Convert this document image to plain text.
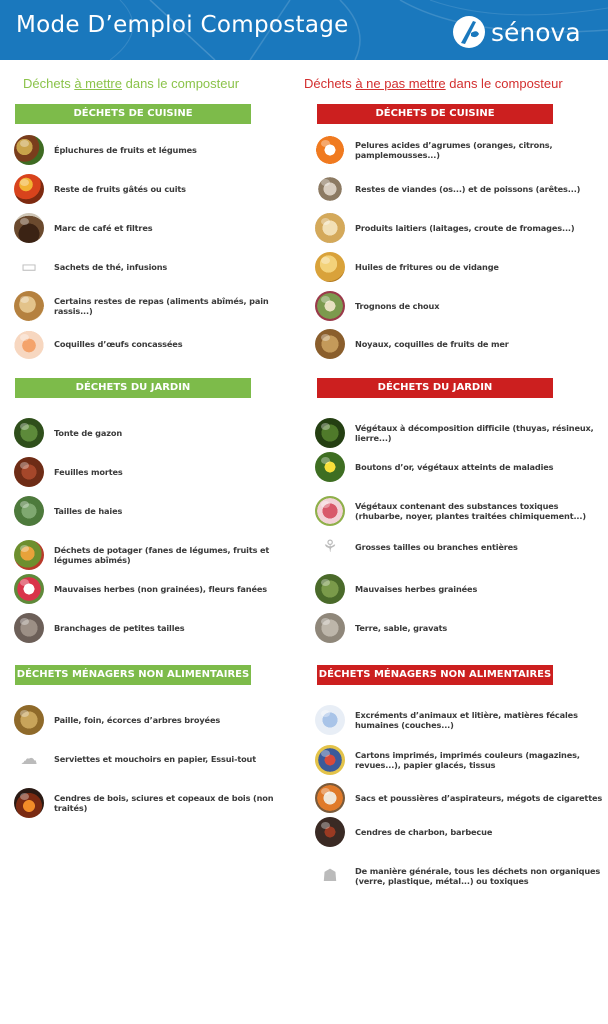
Mode D’emploi Compostage	sénova
Déchets à mettre dans le composteur	Déchets à ne pas mettre dans le composteur
DÉCHETS DE CUISINE
Épluchures de fruits et légumes
Reste de fruits gâtés ou cuits
Marc de café et filtres
▭	Sachets de thé, infusions
Certains restes de repas (aliments abîmés, pain rassis...)
Coquilles d’œufs concassées
DÉCHETS DU JARDIN
Tonte de gazon
Feuilles mortes
Tailles de haies
Déchets de potager (fanes de légumes, fruits et légumes abîmés)
Mauvaises herbes (non grainées), fleurs fanées
Branchages de petites tailles
DÉCHETS MÉNAGERS NON ALIMENTAIRES
Paille, foin, écorces d’arbres broyées
☁	Serviettes et mouchoirs en papier, Essui-tout
Cendres de bois, sciures et copeaux de bois (non traités)
DÉCHETS DE CUISINE
Pelures acides d’agrumes (oranges, citrons, pamplemousses...)
Restes de viandes (os...) et de poissons (arêtes...)
Produits laitiers (laitages, croute de fromages...)
Huiles de fritures ou de vidange
Trognons de choux
Noyaux, coquilles de fruits de mer
DÉCHETS DU JARDIN
Végétaux à décomposition difficile (thuyas, résineux, lierre...)
Boutons d’or, végétaux atteints de maladies
Végétaux contenant des substances toxiques (rhubarbe, noyer, plantes traitées chimiquement...)
⚘	Grosses tailles ou branches entières
Mauvaises herbes grainées
Terre, sable, gravats
DÉCHETS MÉNAGERS NON ALIMENTAIRES
Excréments d’animaux et litière, matières fécales humaines (couches...)
Cartons imprimés, imprimés couleurs (magazines, revues...), papier glacés, tissus
Sacs et poussières d’aspirateurs, mégots de cigarettes
Cendres de charbon, barbecue
☗	De manière générale, tous les déchets non organiques (verre, plastique, métal...) ou toxiques
